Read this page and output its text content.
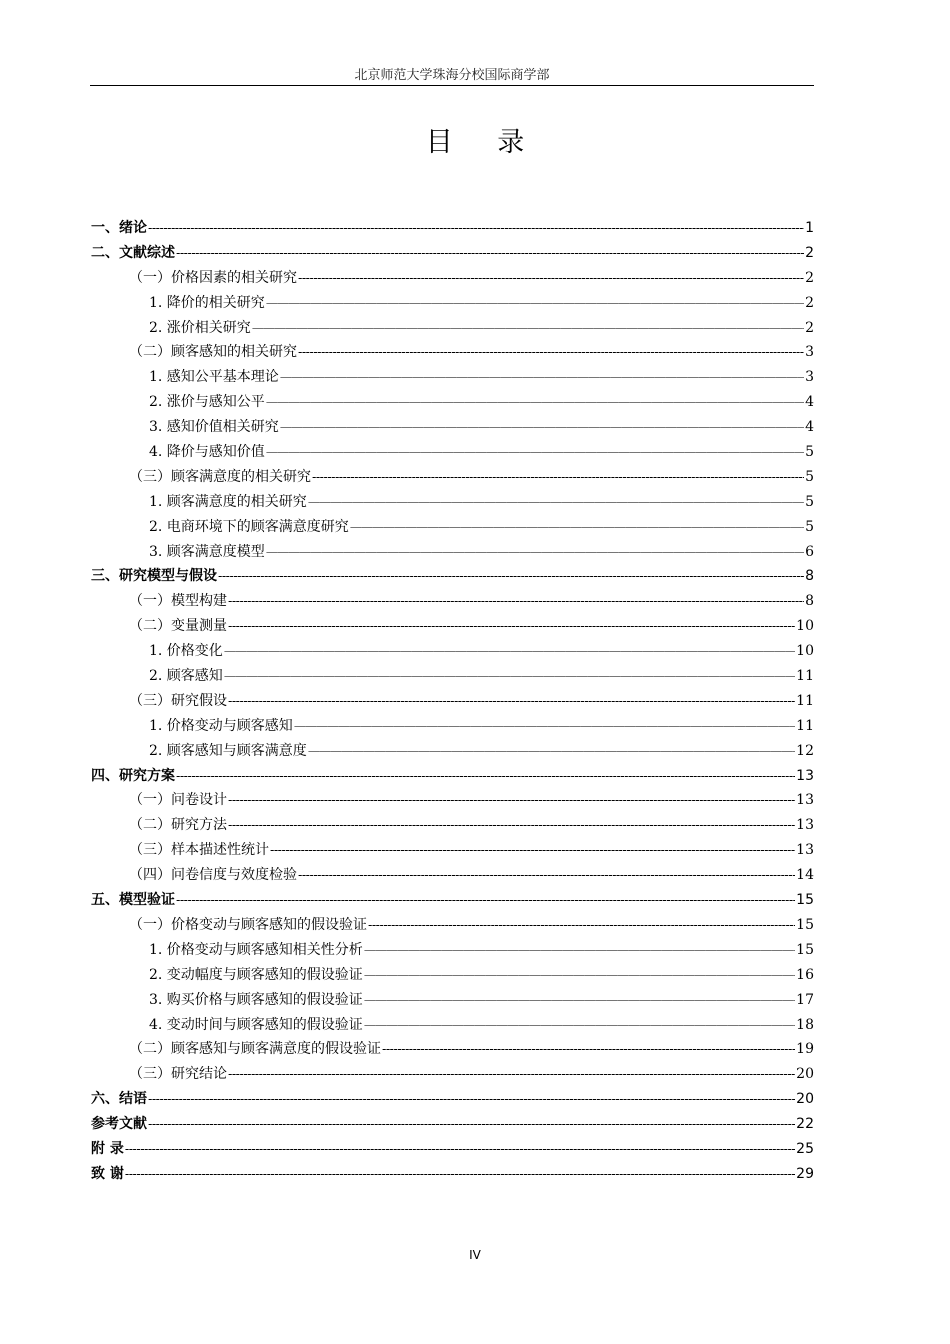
北京师范大学珠海分校国际商学部
目 录
一、绪论 -----	1
二、文献综述 -----	2
（一）价格因素的相关研究 -----	2
1. 降价的相关研究 —————	2
2. 涨价相关研究 —————	2
（二）顾客感知的相关研究 -----	3
1. 感知公平基本理论 —————	3
2. 涨价与感知公平 —————	4
3. 感知价值相关研究 —————	4
4. 降价与感知价值 —————	5
（三）顾客满意度的相关研究 -----	5
1. 顾客满意度的相关研究 —————	5
2. 电商环境下的顾客满意度研究 —————	5
3. 顾客满意度模型 —————	6
三、研究模型与假设 -----	8
（一）模型构建 -----	8
（二）变量测量 -----	10
1. 价格变化 —————	10
2. 顾客感知 —————	11
（三）研究假设 -----	11
1. 价格变动与顾客感知 —————	11
2. 顾客感知与顾客满意度 —————	12
四、研究方案 -----	13
（一）问卷设计 -----	13
（二）研究方法 -----	13
（三）样本描述性统计 -----	13
（四）问卷信度与效度检验 -----	14
五、模型验证 -----	15
（一）价格变动与顾客感知的假设验证 -----	15
1. 价格变动与顾客感知相关性分析 —————	15
2. 变动幅度与顾客感知的假设验证 —————	16
3. 购买价格与顾客感知的假设验证 —————	17
4. 变动时间与顾客感知的假设验证 —————	18
（二）顾客感知与顾客满意度的假设验证 -----	19
（三）研究结论 -----	20
六、结语 -----	20
参考文献 -----	22
附 录 -----	25
致 谢 -----	29
IV
